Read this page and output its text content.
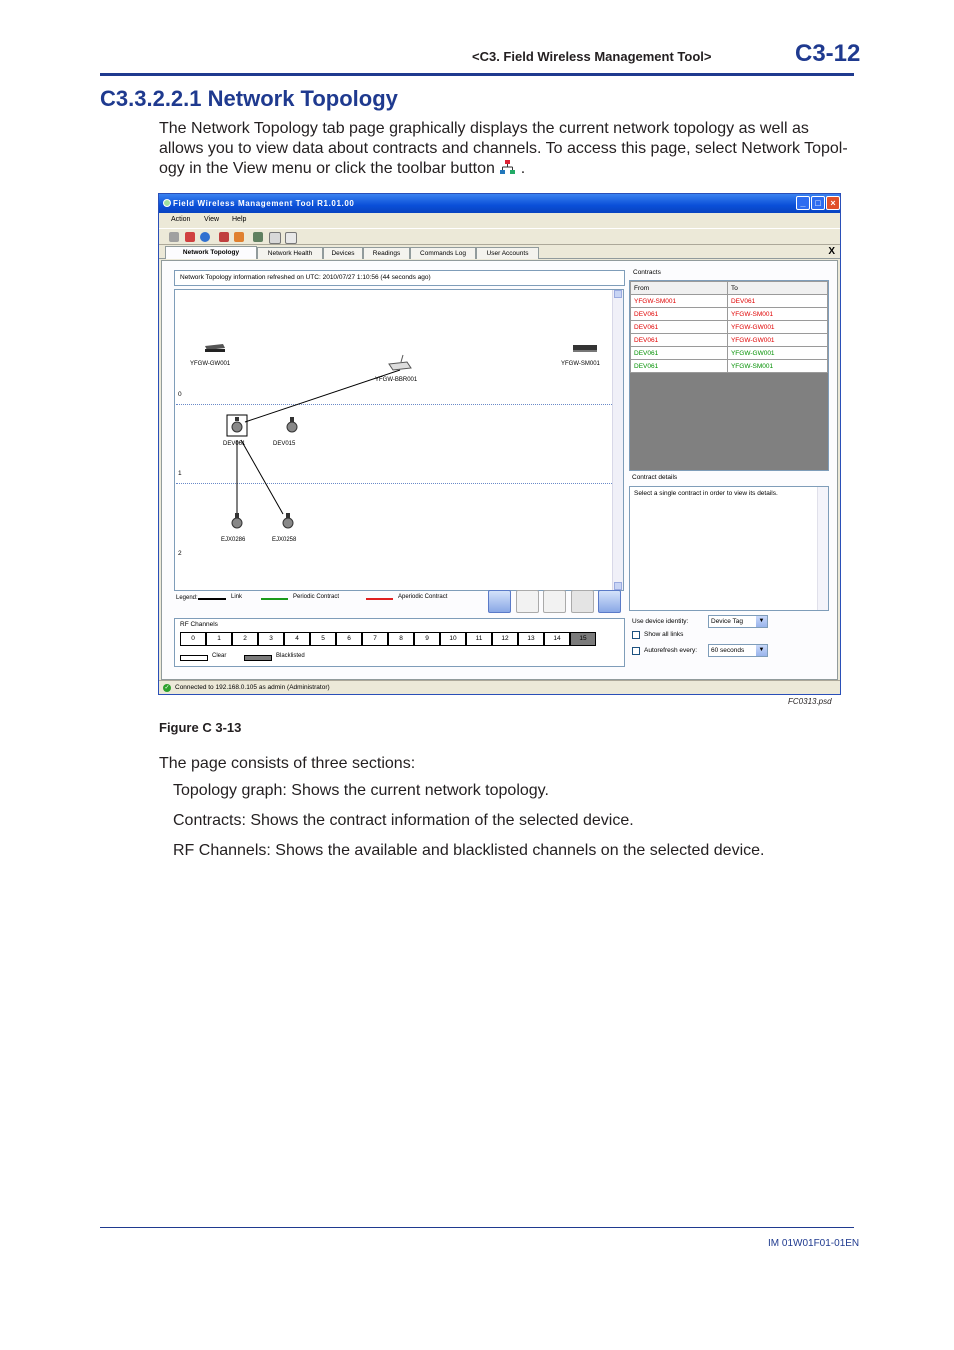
<C3. Field Wireless Management Tool>	C3-12
C3.3.2.2.1 Network Topology
The Network Topology tab page graphically displays the current network topology as well as allows you to view data about contracts and channels. To access this page, select Network Topol-ogy in the View menu or click the toolbar button  .
Field Wireless Management Tool R1.01.00	_	□	×
Action View Help
Network Topology	Network Health	Devices	Readings	Commands Log	User Accounts	X
Network Topology information refreshed on UTC: 2010/07/27 1:10:56 (44 seconds ago)
0
1
2
YFGW-GW001
YFGW-BBR001
YFGW-SM001
DEV061	DEV015
EJX0286	EJX0258
Legend:	Link	Periodic Contract	Aperiodic Contract
RF Channels
0	1	2	3	4	5	6	7	8	9	10	11	12	13	14	15
Clear	Blacklisted
Contracts
From	To
YFGW-SM001	DEV061
DEV061	YFGW-SM001
DEV061	YFGW-GW001
DEV061	YFGW-GW001
DEV061	YFGW-GW001
DEV061	YFGW-SM001
Contract details
Select a single contract in order to view its details.
Use device identity:	Device Tag	▼
Show all links
Autorefresh every:	60 seconds	▼
✓ Connected to 192.168.0.105 as admin (Administrator)
FC0313.psd
Figure C 3-13
The page consists of three sections:
Topology graph: Shows the current network topology.
Contracts: Shows the contract information of the selected device.
RF Channels: Shows the available and blacklisted channels on the selected device.
IM 01W01F01-01EN
